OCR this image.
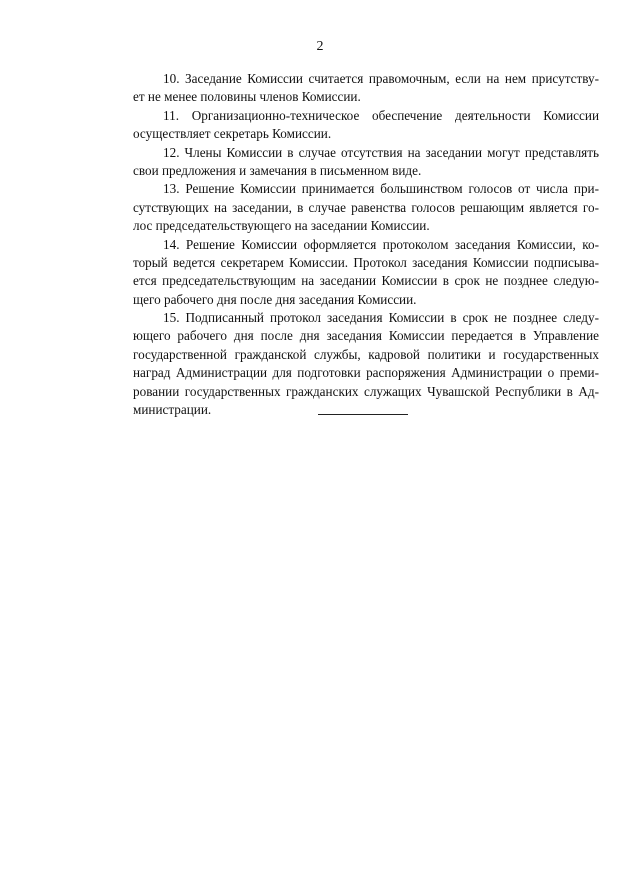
2

10. Заседание Комиссии считается правомочным, если на нем присутству-
ет не менее половины членов Комиссии.

11. Организационно-техническое обеспечение деятельности Комиссии
осуществляет секретарь Комиссии.

12. Члены Комиссии в случае отсутствия на заседании могут представлять
свои предложения и замечания в письменном виде.

13. Решение Комиссии принимается большинством голосов от числа при-
сутствующих на заседании, в случае равенства голосов решающим является го-
лос председательствующего на заседании Комиссии.

14. Решение Комиссии оформляется протоколом заседания Комиссии, ко-
торый ведется секретарем Комиссии. Протокол заседания Комиссии подписыва-
ется председательствующим на заседании Комиссии в срок не позднее следую-
щего рабочего дня после дня заседания Комиссии.

15. Подписанный протокол заседания Комиссии в срок не позднее следу-
ющего рабочего дня после дня заседания Комиссии передается в Управление
государственной гражданской службы, кадровой политики и государственных
наград Администрации для подготовки распоряжения Администрации о преми-
ровании государственных гражданских служащих Чувашской Республики в Ад-
министрации.
